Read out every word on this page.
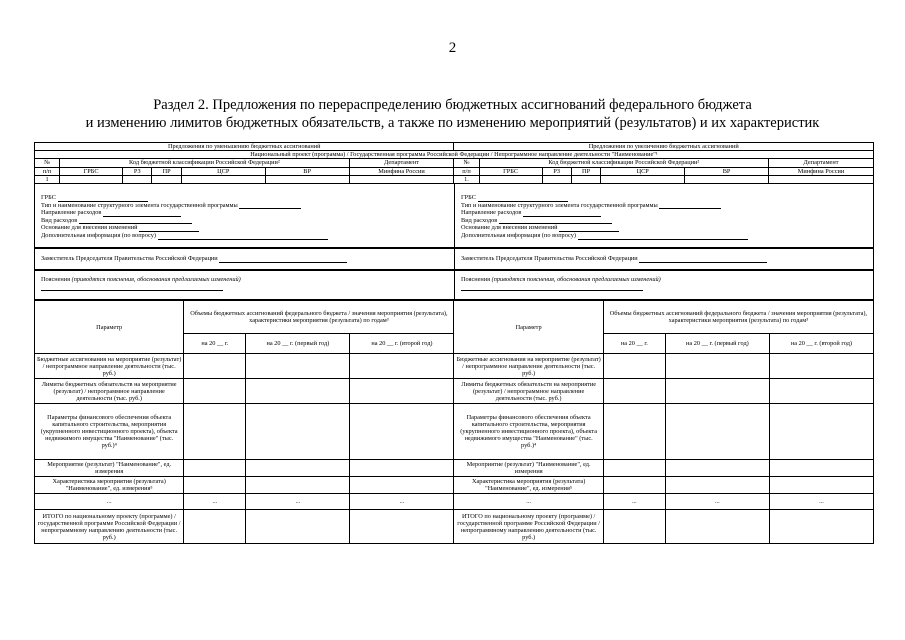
2
Раздел 2. Предложения по перераспределению бюджетных ассигнований федерального бюджета
и изменению лимитов бюджетных обязательств, а также по изменению мероприятий (результатов) и их характеристик
Предложения по уменьшению бюджетных ассигнований							Предложения по увеличению бюджетных ассигнований						
Национальный проект (программа) / Государственная программа Российской Федерации / Непрограммное направление деятельности "Наименование"¹													
№	Код бюджетной классификации Российской Федерации²					Департамент	№	Код бюджетной классификации Российской Федерации²					Департамент
п/п	ГРБС	РЗ	ПР	ЦСР	ВР	Минфина России	п/п	ГРБС	РЗ	ПР	ЦСР	ВР	Минфина России
1							1.						
ГРБС
Тип и наименование структурного элемента государственной программы
Направление расходов
Вид расходов
Основание для внесения изменений
Дополнительная информация (по вопросу)
ГРБС
Тип и наименование структурного элемента государственной программы
Направление расходов
Вид расходов
Основание для внесения изменений
Дополнительная информация (по вопросу)
Заместитель Председателя Правительства Российской Федерации	Заместитель Председателя Правительства Российской Федерации
Пояснения (приводятся пояснения, обоснования предлагаемых изменений)	Пояснения (приводятся пояснения, обоснования предлагаемых изменений)
Параметр	Объемы бюджетных ассигнований федерального бюджета / значения мероприятия (результата), характеристики мероприятия (результата) по годам³			Параметр	Объемы бюджетных ассигнований федерального бюджета / значения мероприятия (результата), характеристики мероприятия (результата) по годам³		
	на 20 __ г.	на 20 __ г. (первый год)	на 20 __ г. (второй год)		на 20 __ г.	на 20 __ г. (первый год)	на 20 __ г. (второй год)
Бюджетные ассигнования на мероприятие (результат) / непрограммное направление деятельности (тыс. руб.)				Бюджетные ассигнования на мероприятие (результат) / непрограммное направление деятельности (тыс. руб.)			
Лимиты бюджетных обязательств на мероприятие (результат) / непрограммное направление деятельности (тыс. руб.)				Лимиты бюджетных обязательств на мероприятие (результат) / непрограммное направление деятельности (тыс. руб.)			
Параметры финансового обеспечения объекта капитального строительства, мероприятия (укрупненного инвестиционного проекта), объекта недвижимого имущества "Наименование" (тыс. руб.)⁴				Параметры финансового обеспечения объекта капитального строительства, мероприятия (укрупненного инвестиционного проекта), объекта недвижимого имущества "Наименование" (тыс. руб.)⁴			
Мероприятие (результат) "Наименование", ед. измерения				Мероприятие (результат) "Наименование", ед. измерения			
Характеристика мероприятия (результата) "Наименование", ед. измерения⁵				Характеристика мероприятия (результата) "Наименование", ед. измерения⁵			
...	...	...	...	...	...	...	...
ИТОГО по национальному проекту (программе) / государственной программе Российской Федерации / непрограммному направлению деятельности (тыс. руб.)				ИТОГО по национальному проекту (программе) / государственной программе Российской Федерации / непрограммному направлению деятельности (тыс. руб.)			
